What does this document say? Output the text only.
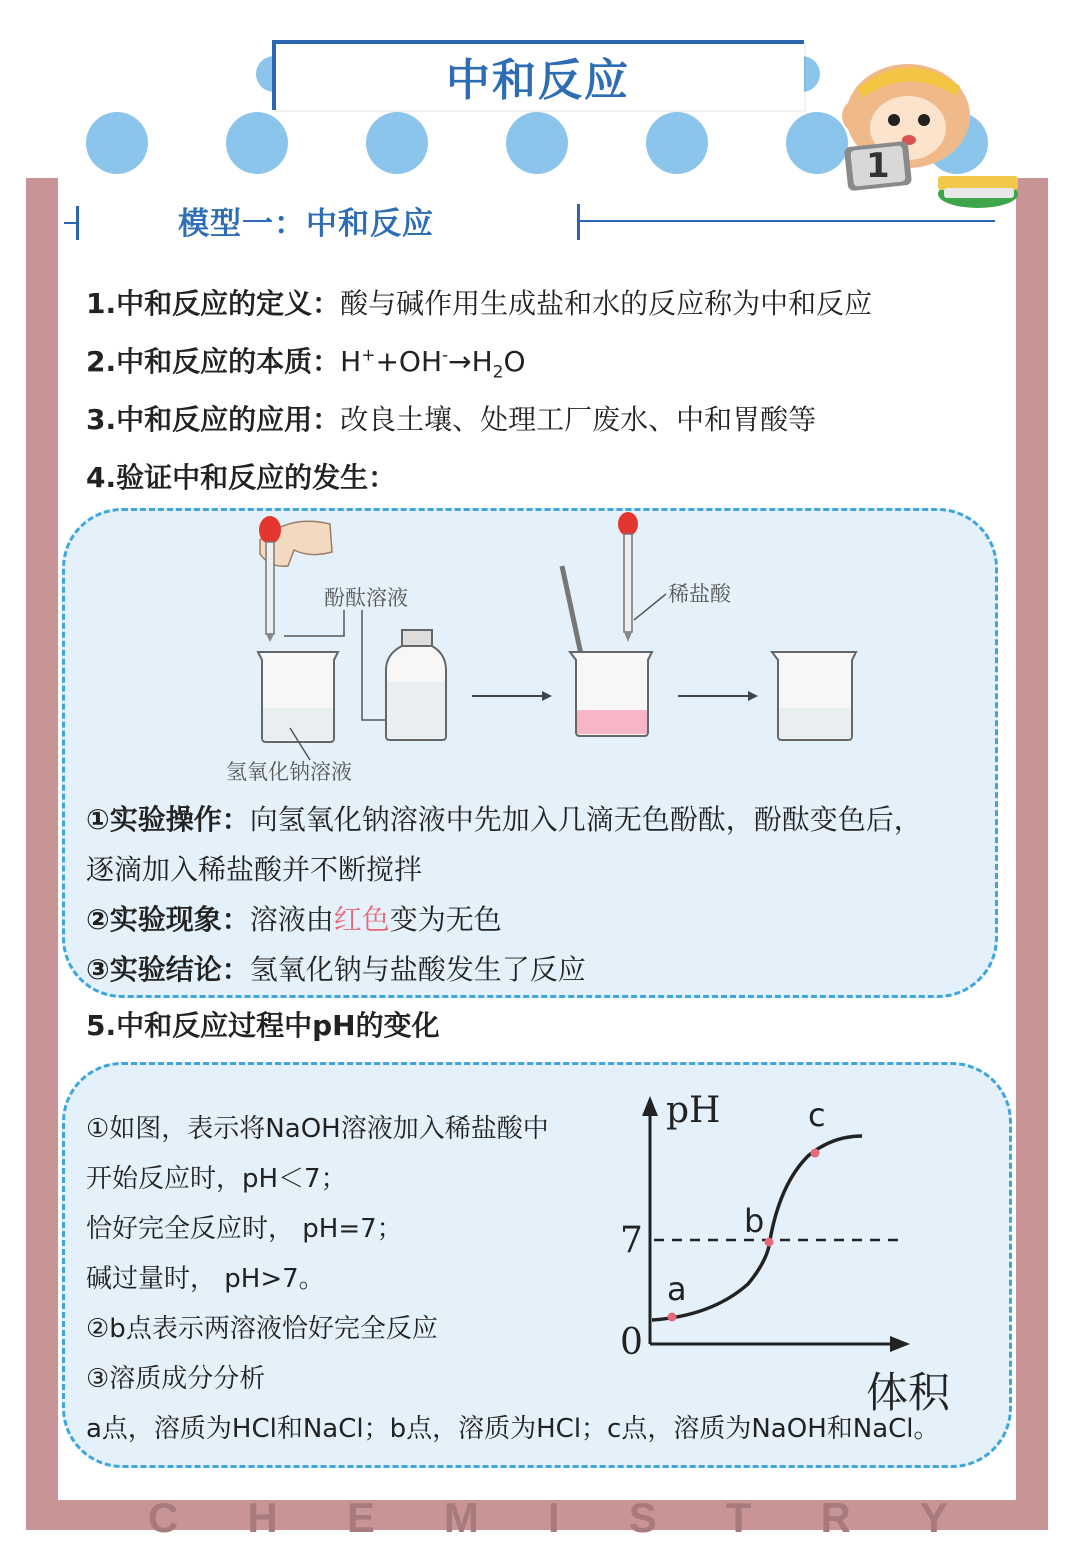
中和反应
1
模型一：中和反应
1.中和反应的定义：酸与碱作用生成盐和水的反应称为中和反应
2.中和反应的本质：$H^++OH^-\to H_2O$
3.中和反应的应用：改良土壤、处理工厂废水、中和胃酸等
4.验证中和反应的发生：
酚酞溶液	稀盐酸
氢氧化钠溶液
①实验操作：向氢氧化钠溶液中先加入几滴无色酚酞，酚酞变色后，
逐滴加入稀盐酸并不断搅拌
②实验现象：溶液由红色变为无色
③实验结论：氢氧化钠与盐酸发生了反应
5.中和反应过程中pH的变化
①如图，表示将NaOH溶液加入稀盐酸中
开始反应时，pH＜7；
恰好完全反应时， pH=7；
碱过量时， pH>7。
②b点表示两溶液恰好完全反应
③溶质成分分析
a点，溶质为HCl和NaCl；b点，溶质为HCl；c点，溶质为NaOH和NaCl。
pH
体积
7
0
a
b
c
C H E M I S T R Y
